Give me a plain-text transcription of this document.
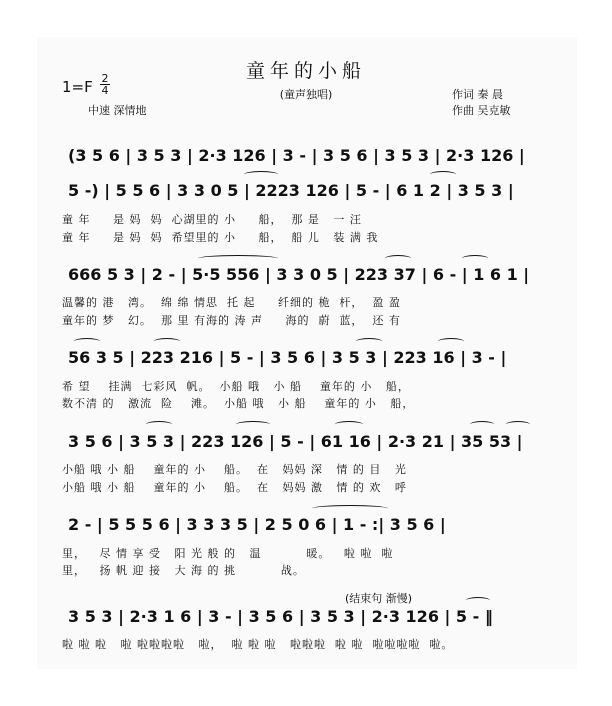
童年的小船
(童声独唱)
$1=F \frac{2}{4}$
中速 深情地
作词 秦 晨
作曲 吴克敏
(结束句 渐慢)
(3 5 6 | 3 5 3 | 2·3 126 | 3 - | 3 5 6 | 3 5 3 | 2·3 126 |
5 -) | 5 5 6 | 3 3 0 5 | 2223 126 | 5 - | 6 1 2 | 3 5 3 |
童 年     是 妈  妈  心湖里的 小     船，  那 是   一 汪
童 年     是 妈  妈  希望里的 小     船，  船 儿   装 满 我
666 5 3 | 2 - | 5·5 556 | 3 3 0 5 | 223 37 | 6 - | 1 6 1 |
温馨的 港   湾。  绵 绵 情思  托 起     纤细的 桅  杆，  盈 盈
童年的 梦   幻。  那 里 有海的 涛 声     海的  蔚  蓝，  还 有
56 3 5 | 223 216 | 5 - | 3 5 6 | 3 5 3 | 223 16 | 3 - |
希 望    挂满  七彩风  帆。  小船 哦   小 船    童年的 小   船，
数不清 的   激流  险    滩。  小船 哦   小 船    童年的 小   船，
3 5 6 | 3 5 3 | 223 126 | 5 - | 61 16 | 2·3 21 | 35 53 |
小船 哦 小 船    童年的 小    船。  在   妈妈 深   情 的 目   光
小船 哦 小 船    童年的 小    船。  在   妈妈 激   情 的 欢   呼
2 - | 5 5 5 6 | 3 3 3 5 | 2 5 0 6 | 1 - :| 3 5 6 |
里，   尽 情 享 受   阳 光 般 的   温          暖。   啦 啦  啦
里，   扬 帆 迎 接   大 海 的 挑          战。
3 5 3 | 2·3 1 6 | 3 - | 3 5 6 | 3 5 3 | 2·3 126 | 5 - ‖
啦 啦 啦   啦 啦啦啦啦   啦，  啦 啦 啦   啦啦啦  啦 啦  啦啦啦啦  啦。
